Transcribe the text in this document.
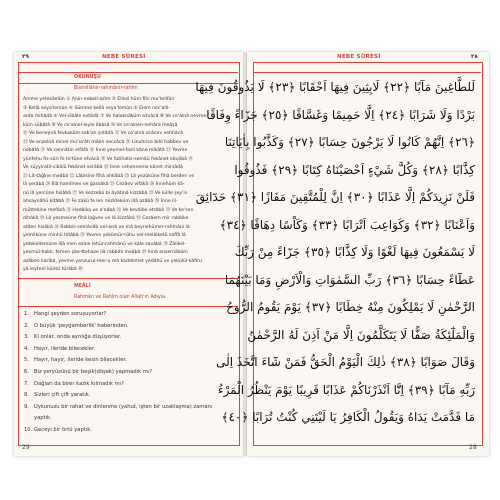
٢٩	NEBE SÛRESİ
OKUNUŞU
Bismillâhir-rahmânir-rahîm
Amme yetesâelûn ① Anin-nebeil-azîm ② Ellezî hüm fîhi mu'telifûn
③ Kellâ seya'lemûn ④ Sümme kellâ seya'lemûn ⑤ Elem nec'alil-
arda mihâdâ ⑥ Vel-cibâle evtâdâ ⑦ Ve halaknâküm ezvâcâ ⑧ Ve ce'alnâ nevme-
küm sübâtâ ⑨ Ve ce'alnel-leyle libâsâ ⑩ Ve ce'alnen-nehâra meâşâ
⑪ Ve beneynâ fevkaküm seb'an şidâdâ ⑫ Ve ce'alnâ sirâcev vehhâcâ
⑬ Ve enzelnâ minel mu'sırâti mâen seccâcâ ⑭ Linuhrice bihî habbev ve
nebâtâ ⑮ Ve cennâtin elfâfâ ⑯ İnne yevmel-fasli kâne mîkâtâ ⑰ Yevme
yünfehu fis-sûri fe te'tûne efvâcâ ⑱ Ve futihatis-semâü fekânet ebvâbâ ⑲
Ve süyyiratil-cibâlü fekânet serâbâ ⑳ İnne cehenneme kânet mirsâdâ
㉑ Lit-tâğîne meâbâ ㉒ Lâbisîne fîhâ ahkâbâ ㉓ Lâ yezûkûne fîhâ berden ve
lâ şerâbâ ㉔ İllâ hamîmev ve ğassâkâ ㉕ Cezâev vifâkâ ㉖ İnnehüm kâ-
nû lâ yercûne hisâbâ ㉗ Ve kezzebû bi âyâtinâ kizzâbâ ㉘ Ve külle şey'in
ahsaynâhü kitâbâ ㉙ Fe zûkû fe len nezîdeküm illâ azâbâ ㉚ İnne lil-
müttekîne mefâzâ ㉛ Hadâika ve a'nâbâ ㉜ Ve kevâibe etrâbâ ㉝ Ve ke'sen
dihâkâ ㉞ Lâ yesmeûne fîhâ lağvev ve lâ kizzâbâ ㉟ Cezâem mir rabbike
atâen hisâbâ ㊱ Rabbis-semâvâti vel-ardı ve mâ beynehümer-rahmâni lâ
yemlikûne minhü hitâbâ ㊲ Yevme yekûmür-rûhu vel-melâiketü saffâ lâ
yetekellemûne illâ men ezine lehür-rahmânü ve kâle savâbâ ㊳ Zâlikel-
yevmül-hakk, femen şâe-ttehaze ilâ rabbihî meâbâ ㊴ İnnâ enzernâküm
azâben karîbâ, yevme yenzurul-mer-u mâ kaddemet yedâhü ve yekûlül-kâfiru
yâ leytenî küntü türâbâ ㊵
MEÂLİ
Rahmân ve Rahîm olan Allah'ın Adıyla.
1. Hangi şeyden soruşuyorlar?
2. O büyük 'peygamberlik' haberinden.
3. Ki onlar, onda ayrılığa düşüyorlar.
4. Hayır, ileride bilecekler.
5. Hayır, hayır, ileride kesin bilecekler.
6. Biz yeryüzünü bir beşik(döşek) yapmadık mı?
7. Dağları da birer kazık kılmadık mı?
8. Sizleri çift çift yaratık.
9. Uykunuzu bir rahat ve dinlenme (yahut, işten bir uzaklaşma) zamanı
yaptık.
10. Geceyi bir örtü yaptık.
29
NEBE SÛRESİ	٢٨
لَلطَّاغِينَ مَآبًا ﴿٢٢﴾ لَابِثِينَ فِيهَا اَحْقَابًا ﴿٢٣﴾ لَا يَذُوقُونَ فِيهَا
بَرْدًا وَلَا شَرَابًا ﴿٢٤﴾ اِلَّا حَمِيمًا وَغَسَّاقًا ﴿٢٥﴾ جَزَٓاءً وِفَاقًا
﴿٢٦﴾ اِنَّهُمْ كَانُوا لَا يَرْجُونَ حِسَابًا ﴿٢٧﴾ وَكَذَّبُوا بِاٰيَاتِنَا
كِذَّابًا ﴿٢٨﴾ وَكُلَّ شَيْءٍ اَحْصَيْنَاهُ كِتَابًا ﴿٢٩﴾ فَذُوقُوا
فَلَنْ نَزِيدَكُمْ اِلَّا عَذَابًا ﴿٣٠﴾ اِنَّ لِلْمُتَّقِينَ مَفَازًا ﴿٣١﴾ حَدَٓائِقَ
وَاَعْنَابًا ﴿٣٢﴾ وَكَوَاعِبَ اَتْرَابًا ﴿٣٣﴾ وَكَاْسًا دِهَاقًا ﴿٣٤﴾
لَا يَسْمَعُونَ فِيهَا لَغْوًا وَلَا كِذَّابًا ﴿٣٥﴾ جَزَٓاءً مِنْ رَبِّكَ
عَطَٓاءً حِسَابًا ﴿٣٦﴾ رَبِّ السَّمٰوَاتِ وَالْاَرْضِ وَمَا بَيْنَهُمَا
الرَّحْمٰنِ لَا يَمْلِكُونَ مِنْهُ خِطَابًا ﴿٣٧﴾ يَوْمَ يَقُومُ الرُّوحُ
وَالْمَلٰٓئِكَةُ صَفًّا لَا يَتَكَلَّمُونَ اِلَّا مَنْ اَذِنَ لَهُ الرَّحْمٰنُ
وَقَالَ صَوَابًا ﴿٣٨﴾ ذٰلِكَ الْيَوْمُ الْحَقُّ فَمَنْ شَٓاءَ اتَّخَذَ اِلٰى
رَبِّهِ مَآبًا ﴿٣٩﴾ اِنَّٓا اَنْذَرْنَاكُمْ عَذَابًا قَرِيبًا يَوْمَ يَنْظُرُ الْمَرْءُ
مَا قَدَّمَتْ يَدَاهُ وَيَقُولُ الْكَافِرُ يَا لَيْتَنِي كُنْتُ تُرَابًا ﴿٤٠﴾
28
